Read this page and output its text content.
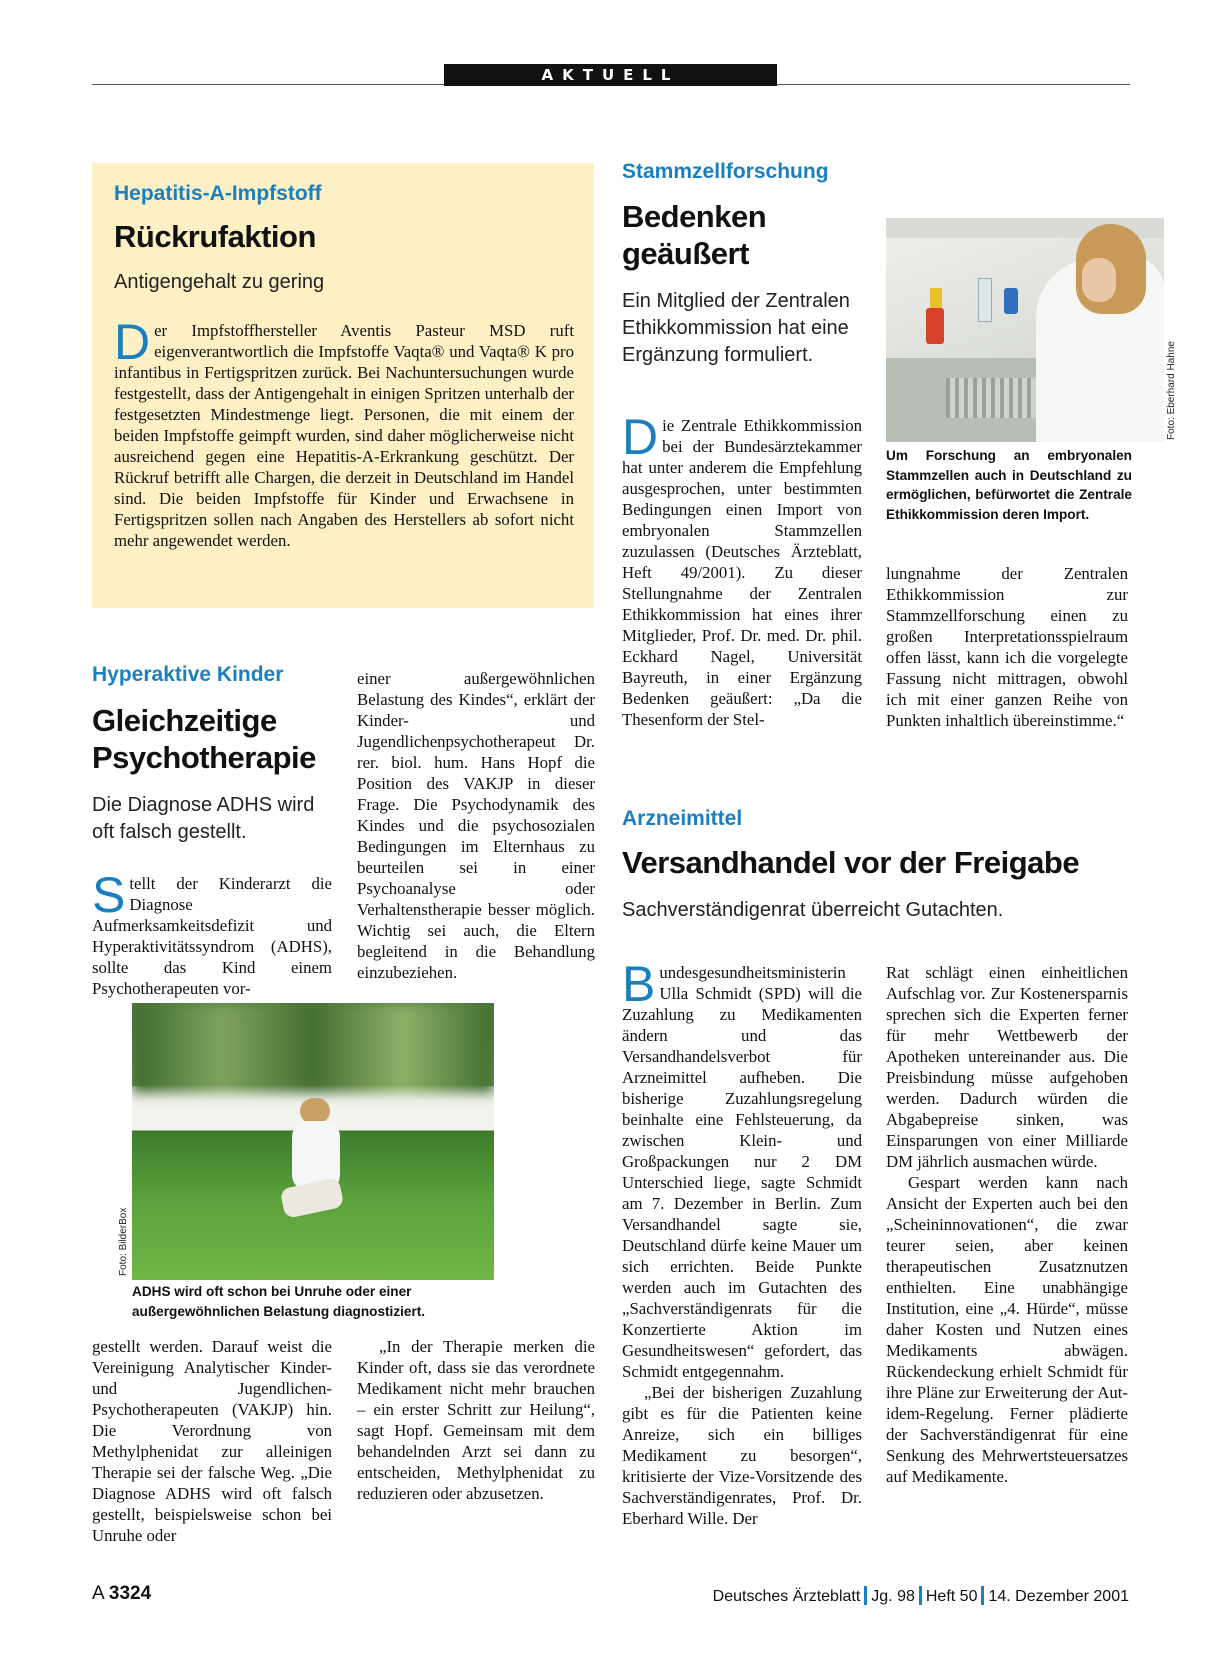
AKTUELL

Hepatitis-A-Impfstoff

Rückrufaktion

Antigengehalt zu gering

Der Impfstoffhersteller Aventis Pasteur MSD ruft eigenverantwortlich die Impfstoffe Vaqta® und Vaqta® K pro infantibus in Fertigspritzen zurück. Bei Nachuntersuchungen wurde festgestellt, dass der Antigengehalt in einigen Spritzen unterhalb der festgesetzten Mindestmenge liegt. Personen, die mit einem der beiden Impfstoffe geimpft wurden, sind daher möglicherweise nicht ausreichend gegen eine Hepatitis-A-Erkrankung geschützt. Der Rückruf betrifft alle Chargen, die derzeit in Deutschland im Handel sind. Die beiden Impfstoffe für Kinder und Erwachsene in Fertigspritzen sollen nach Angaben des Herstellers ab sofort nicht mehr angewendet werden.

Stammzellforschung

Bedenken
geäußert

Ein Mitglied der Zentralen Ethikkommission hat eine Ergänzung formuliert.	Foto: Eberhard Hahne
Um Forschung an embryonalen Stammzellen auch in Deutschland zu ermöglichen, befürwortet die Zentrale Ethikkommission deren Import.
Die Zentrale Ethikkommission bei der Bundesärztekammer hat unter anderem die Empfehlung ausgesprochen, unter bestimmten Bedingungen einen Import von embryonalen Stammzellen zuzulassen (Deutsches Ärzteblatt, Heft 49/2001). Zu dieser Stellungnahme der Zentralen Ethikkommission hat eines ihrer Mitglieder, Prof. Dr. med. Dr. phil. Eckhard Nagel, Universität Bayreuth, in einer Ergänzung Bedenken geäußert: „Da die Thesenform der Stel-
lungnahme der Zentralen Ethikkommission zur Stammzellforschung einen zu großen Interpretationsspielraum offen lässt, kann ich die vorgelegte Fassung nicht mittragen, obwohl ich mit einer ganzen Reihe von Punkten inhaltlich übereinstimme.“

Hyperaktive Kinder

Gleichzeitige
Psychotherapie

Die Diagnose ADHS wird oft falsch gestellt.

Stellt der Kinderarzt die Diagnose Aufmerksamkeitsdefizit und Hyperaktivitätssyndrom (ADHS), sollte das Kind einem Psychotherapeuten vor-
einer außergewöhnlichen Belastung des Kindes“, erklärt der Kinder- und Jugendlichenpsychotherapeut Dr. rer. biol. hum. Hans Hopf die Position des VAKJP in dieser Frage. Die Psychodynamik des Kindes und die psychosozialen Bedingungen im Elternhaus zu beurteilen sei in einer Psychoanalyse oder Verhaltenstherapie besser möglich. Wichtig sei auch, die Eltern begleitend in die Behandlung einzubeziehen.
Foto: BilderBox
ADHS wird oft schon bei Unruhe oder einer außergewöhnlichen Belastung diagnostiziert.
gestellt werden. Darauf weist die Vereinigung Analytischer Kinder- und Jugendlichen-Psychotherapeuten (VAKJP) hin. Die Verordnung von Methylphenidat zur alleinigen Therapie sei der falsche Weg. „Die Diagnose ADHS wird oft falsch gestellt, beispielsweise schon bei Unruhe oder

„In der Therapie merken die Kinder oft, dass sie das verordnete Medikament nicht mehr brauchen – ein erster Schritt zur Heilung“, sagt Hopf. Gemeinsam mit dem behandelnden Arzt sei dann zu entscheiden, Methylphenidat zu reduzieren oder abzusetzen.

Arzneimittel

Versandhandel vor der Freigabe

Sachverständigenrat überreicht Gutachten.

Bundesgesundheitsministerin Ulla Schmidt (SPD) will die Zuzahlung zu Medikamenten ändern und das Versandhandelsverbot für Arzneimittel aufheben. Die bisherige Zuzahlungsregelung beinhalte eine Fehlsteuerung, da zwischen Klein- und Großpackungen nur 2 DM Unterschied liege, sagte Schmidt am 7. Dezember in Berlin. Zum Versandhandel sagte sie, Deutschland dürfe keine Mauer um sich errichten. Beide Punkte werden auch im Gutachten des „Sachverständigenrats für die Konzertierte Aktion im Gesundheitswesen“ gefordert, das Schmidt entgegennahm.

„Bei der bisherigen Zuzahlung gibt es für die Patienten keine Anreize, sich ein billiges Medikament zu besorgen“, kritisierte der Vize-Vorsitzende des Sachverständigenrates, Prof. Dr. Eberhard Wille. Der

Rat schlägt einen einheitlichen Aufschlag vor. Zur Kostenersparnis sprechen sich die Experten ferner für mehr Wettbewerb der Apotheken untereinander aus. Die Preisbindung müsse aufgehoben werden. Dadurch würden die Abgabepreise sinken, was Einsparungen von einer Milliarde DM jährlich ausmachen würde.

Gespart werden kann nach Ansicht der Experten auch bei den „Scheininnovationen“, die zwar teurer seien, aber keinen therapeutischen Zusatznutzen enthielten. Eine unabhängige Institution, eine „4. Hürde“, müsse daher Kosten und Nutzen eines Medikaments abwägen. Rückendeckung erhielt Schmidt für ihre Pläne zur Erweiterung der Aut-idem-Regelung. Ferner plädierte der Sachverständigenrat für eine Senkung des Mehrwertsteuersatzes auf Medikamente.

A 3324	Deutsches Ärzteblatt Jg. 98 Heft 50 14. Dezember 2001
